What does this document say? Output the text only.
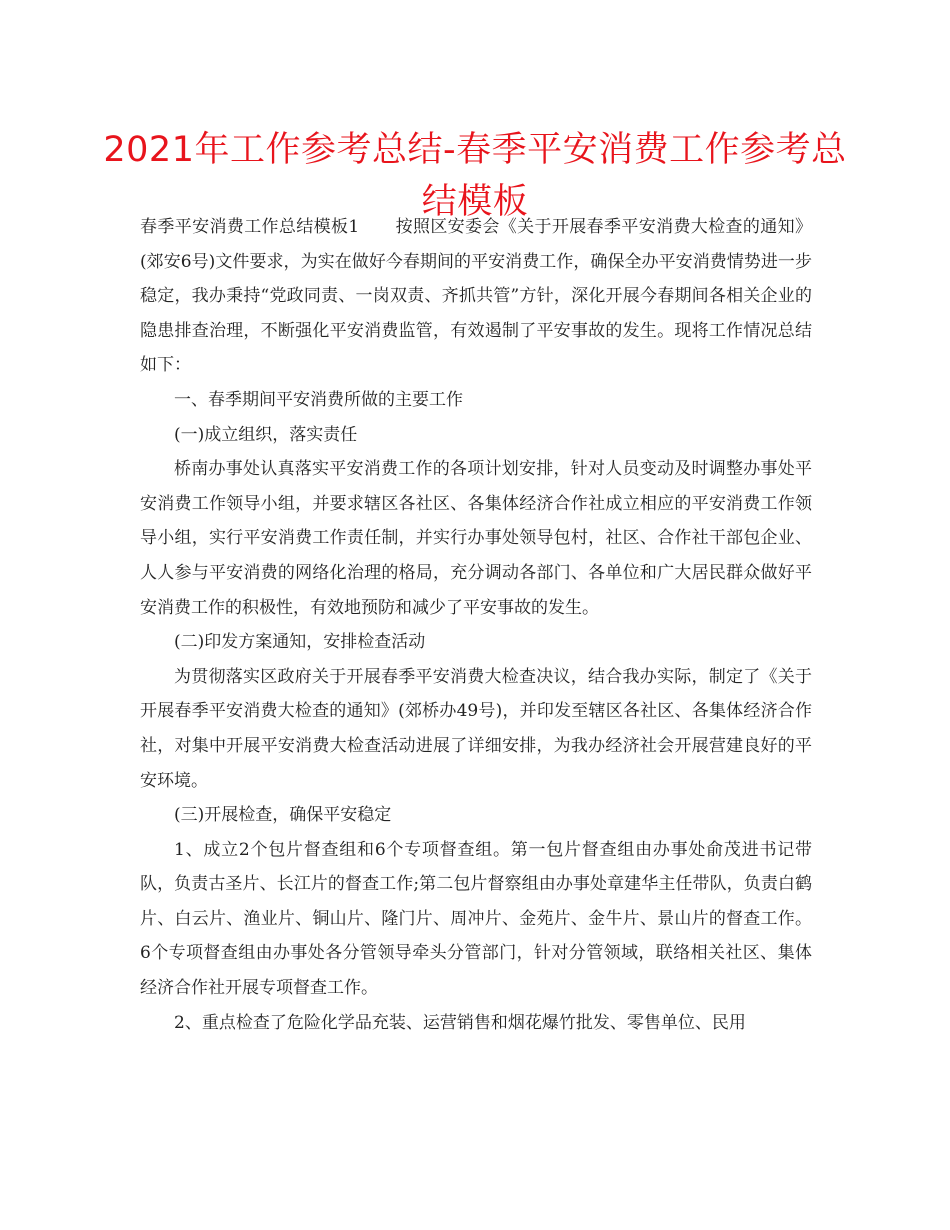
2021年工作参考总结-春季平安消费工作参考总结模板

春季平安消费工作总结模板1 按照区安委会《关于开展春季平安消费大检查的通知》(郊安6号)文件要求，为实在做好今春期间的平安消费工作，确保全办平安消费情势进一步稳定，我办秉持“党政同责、一岗双责、齐抓共管”方针，深化开展今春期间各相关企业的隐患排查治理，不断强化平安消费监管，有效遏制了平安事故的发生。现将工作情况总结如下：

一、春季期间平安消费所做的主要工作

(一)成立组织，落实责任

桥南办事处认真落实平安消费工作的各项计划安排，针对人员变动及时调整办事处平安消费工作领导小组，并要求辖区各社区、各集体经济合作社成立相应的平安消费工作领导小组，实行平安消费工作责任制，并实行办事处领导包村，社区、合作社干部包企业、人人参与平安消费的网络化治理的格局，充分调动各部门、各单位和广大居民群众做好平安消费工作的积极性，有效地预防和减少了平安事故的发生。

(二)印发方案通知，安排检查活动

为贯彻落实区政府关于开展春季平安消费大检查决议，结合我办实际，制定了《关于开展春季平安消费大检查的通知》(郊桥办49号)，并印发至辖区各社区、各集体经济合作社，对集中开展平安消费大检查活动进展了详细安排，为我办经济社会开展营建良好的平安环境。

(三)开展检查，确保平安稳定

1、成立2个包片督查组和6个专项督查组。第一包片督查组由办事处俞茂进书记带队，负责古圣片、长江片的督查工作;第二包片督察组由办事处章建华主任带队，负责白鹤片、白云片、渔业片、铜山片、隆门片、周冲片、金苑片、金牛片、景山片的督查工作。6个专项督查组由办事处各分管领导牵头分管部门，针对分管领域，联络相关社区、集体经济合作社开展专项督查工作。

2、重点检查了危险化学品充装、运营销售和烟花爆竹批发、零售单位、民用
